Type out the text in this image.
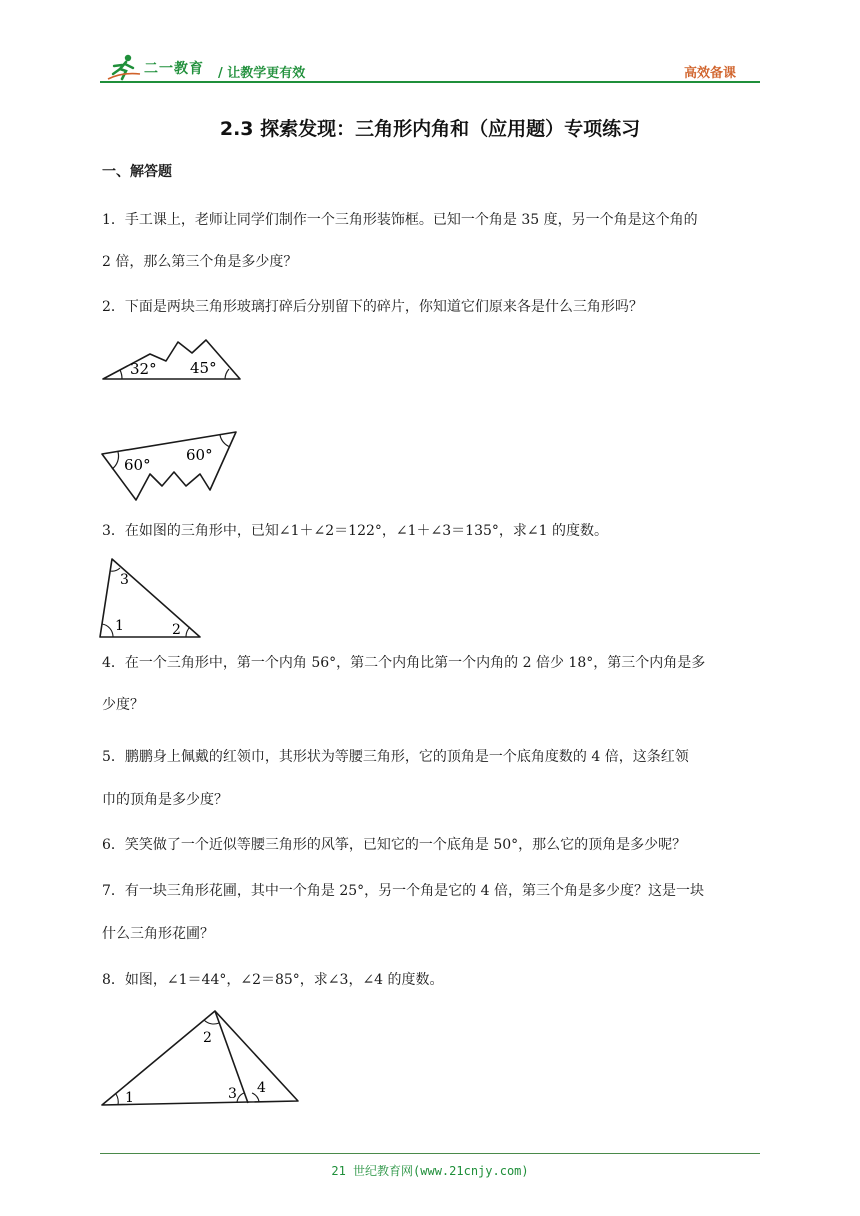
二一教育 / 让教学更有效	高效备课
2.3 探索发现：三角形内角和（应用题）专项练习
一、解答题
1．手工课上，老师让同学们制作一个三角形装饰框。已知一个角是 35 度，另一个角是这个角的
2 倍，那么第三个角是多少度？
2．下面是两块三角形玻璃打碎后分别留下的碎片，你知道它们原来各是什么三角形吗？
32° 45°
60°
60°
3．在如图的三角形中，已知∠1＋∠2＝122°，∠1＋∠3＝135°，求∠1 的度数。
3
1	2
4．在一个三角形中，第一个内角 56°，第二个内角比第一个内角的 2 倍少 18°，第三个内角是多
少度？
5．鹏鹏身上佩戴的红领巾，其形状为等腰三角形，它的顶角是一个底角度数的 4 倍，这条红领
巾的顶角是多少度？
6．笑笑做了一个近似等腰三角形的风筝，已知它的一个底角是 50°，那么它的顶角是多少呢？
7．有一块三角形花圃，其中一个角是 25°，另一个角是它的 4 倍，第三个角是多少度？这是一块
什么三角形花圃？
8．如图，∠1＝44°，∠2＝85°，求∠3，∠4 的度数。
2
1	3 4
21 世纪教育网(www.21cnjy.com)
